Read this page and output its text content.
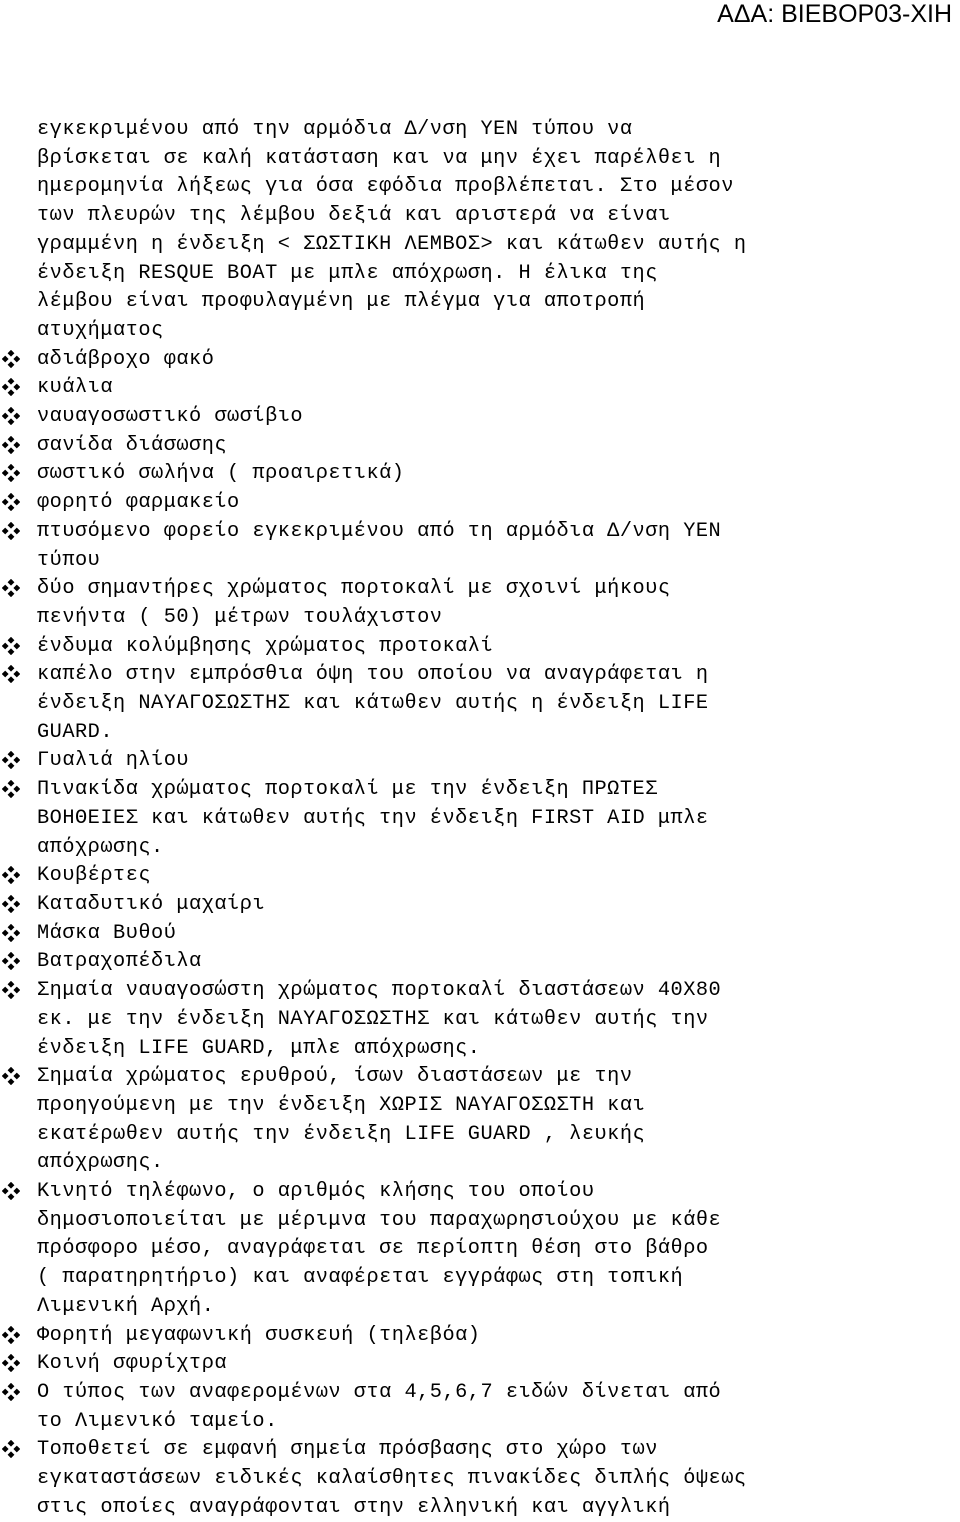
ΑΔΑ: ΒΙΕΒΟΡ03-ΧΙΗ
εγκεκριμένου από την αρμόδια Δ/νση ΥΕΝ τύπου να
βρίσκεται σε καλή κατάσταση και να μην έχει παρέλθει η
ημερομηνία λήξεως για όσα εφόδια προβλέπεται. Στο μέσον
των πλευρών της λέμβου δεξιά και αριστερά να είναι
γραμμένη η ένδειξη < ΣΩΣΤΙΚΗ ΛΕΜΒΟΣ> και κάτωθεν αυτής η
ένδειξη RESQUE BOAT με μπλε απόχρωση. Η έλικα της
λέμβου είναι προφυλαγμένη με πλέγμα για αποτροπή
ατυχήματος
αδιάβροχο φακό
κυάλια
ναυαγοσωστικό σωσίβιο
σανίδα διάσωσης
σωστικό σωλήνα ( προαιρετικά)
φορητό φαρμακείο
πτυσόμενο φορείο εγκεκριμένου από τη αρμόδια Δ/νση ΥΕΝ
τύπου
δύο σημαντήρες χρώματος πορτοκαλί με σχοινί μήκους
πενήντα ( 50) μέτρων τουλάχιστον
ένδυμα κολύμβησης χρώματος προτοκαλί
καπέλο στην εμπρόσθια όψη του οποίου να αναγράφεται η
ένδειξη ΝΑΥΑΓΟΣΩΣΤΗΣ και κάτωθεν αυτής η ένδειξη LIFE
GUARD.
Γυαλιά ηλίου
Πινακίδα χρώματος πορτοκαλί με την ένδειξη ΠΡΩΤΕΣ
ΒΟΗΘΕΙΕΣ και κάτωθεν αυτής την ένδειξη FIRST AID μπλε
απόχρωσης.
Κουβέρτες
Καταδυτικό μαχαίρι
Μάσκα Βυθού
Βατραχοπέδιλα
Σημαία ναυαγοσώστη χρώματος πορτοκαλί διαστάσεων 40Χ80
εκ. με την ένδειξη ΝΑΥΑΓΟΣΩΣΤΗΣ και κάτωθεν αυτής την
ένδειξη LIFE GUARD, μπλε απόχρωσης.
Σημαία χρώματος ερυθρού, ίσων διαστάσεων με την
προηγούμενη με την ένδειξη ΧΩΡΙΣ ΝΑΥΑΓΟΣΩΣΤΗ και
εκατέρωθεν αυτής την ένδειξη LIFE GUARD , λευκής
απόχρωσης.
Κινητό τηλέφωνο, ο αριθμός κλήσης του οποίου
δημοσιοποιείται με μέριμνα του παραχωρησιούχου με κάθε
πρόσφορο μέσο, αναγράφεται σε περίοπτη θέση στο βάθρο
( παρατηρητήριο) και αναφέρεται εγγράφως στη τοπική
Λιμενική Αρχή.
Φορητή μεγαφωνική συσκευή (τηλεβόα)
Κοινή σφυρίχτρα
Ο τύπος των αναφερομένων στα 4,5,6,7 ειδών δίνεται από
το Λιμενικό ταμείο.
Τοποθετεί σε εμφανή σημεία πρόσβασης στο χώρο των
εγκαταστάσεων ειδικές καλαίσθητες πινακίδες διπλής όψεως
στις οποίες αναγράφονται στην ελληνική και αγγλική
